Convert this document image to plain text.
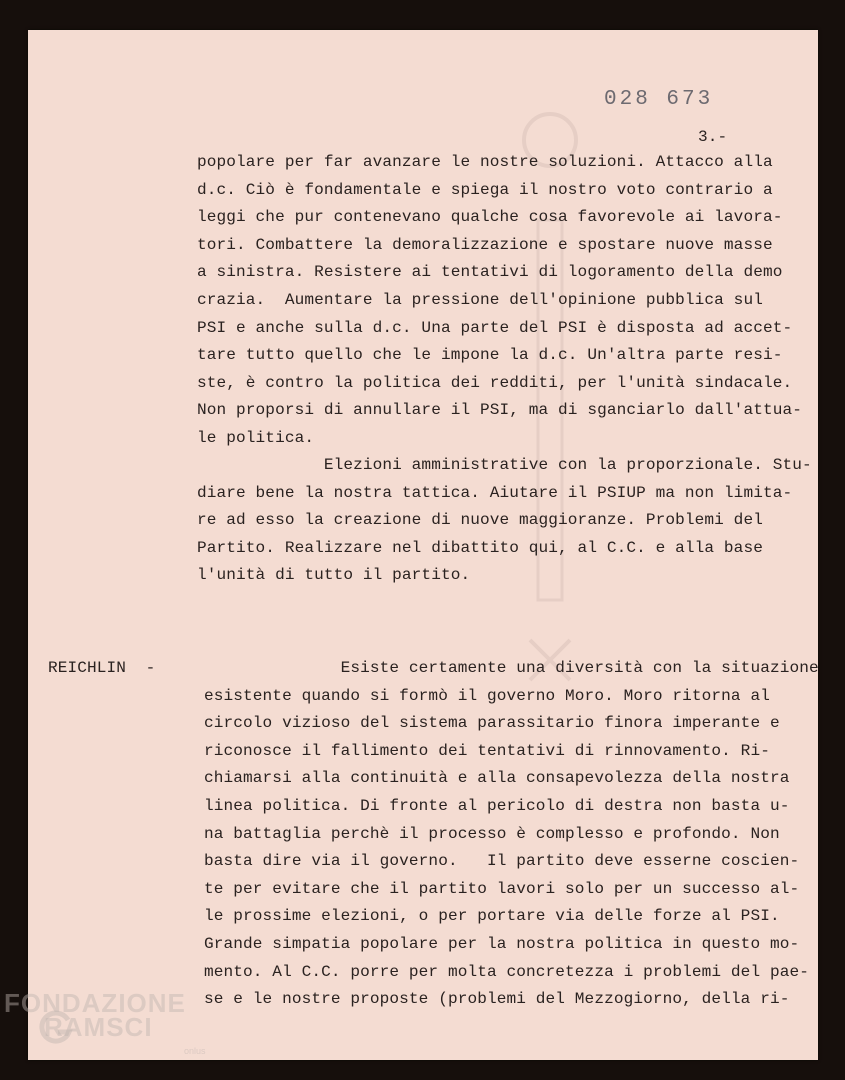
028 673

3.-

popolare per far avanzare le nostre soluzioni. Attacco alla
d.c. Ciò è fondamentale e spiega il nostro voto contrario a
leggi che pur contenevano qualche cosa favorevole ai lavora-
tori. Combattere la demoralizzazione e spostare nuove masse
a sinistra. Resistere ai tentativi di logoramento della demo
crazia.  Aumentare la pressione dell'opinione pubblica sul
PSI e anche sulla d.c. Una parte del PSI è disposta ad accet-
tare tutto quello che le impone la d.c. Un'altra parte resi-
ste, è contro la politica dei redditi, per l'unità sindacale.
Non proporsi di annullare il PSI, ma di sganciarlo dall'attua-
le politica.

Elezioni amministrative con la proporzionale. Stu-
diare bene la nostra tattica. Aiutare il PSIUP ma non limita-
re ad esso la creazione di nuove maggioranze. Problemi del
Partito. Realizzare nel dibattito qui, al C.C. e alla base
l'unità di tutto il partito.

REICHLIN  -	Esiste certamente una diversità con la situazione
esistente quando si formò il governo Moro. Moro ritorna al
circolo vizioso del sistema parassitario finora imperante e
riconosce il fallimento dei tentativi di rinnovamento. Ri-
chiamarsi alla continuità e alla consapevolezza della nostra
linea politica. Di fronte al pericolo di destra non basta u-
na battaglia perchè il processo è complesso e profondo. Non
basta dire via il governo.   Il partito deve esserne coscien-
te per evitare che il partito lavori solo per un successo al-
le prossime elezioni, o per portare via delle forze al PSI.
Grande simpatia popolare per la nostra politica in questo mo-
mento. Al C.C. porre per molta concretezza i problemi del pae-
se e le nostre proposte (problemi del Mezzogiorno, della ri-

FONDAZIONE

RAMSCI

onlus
